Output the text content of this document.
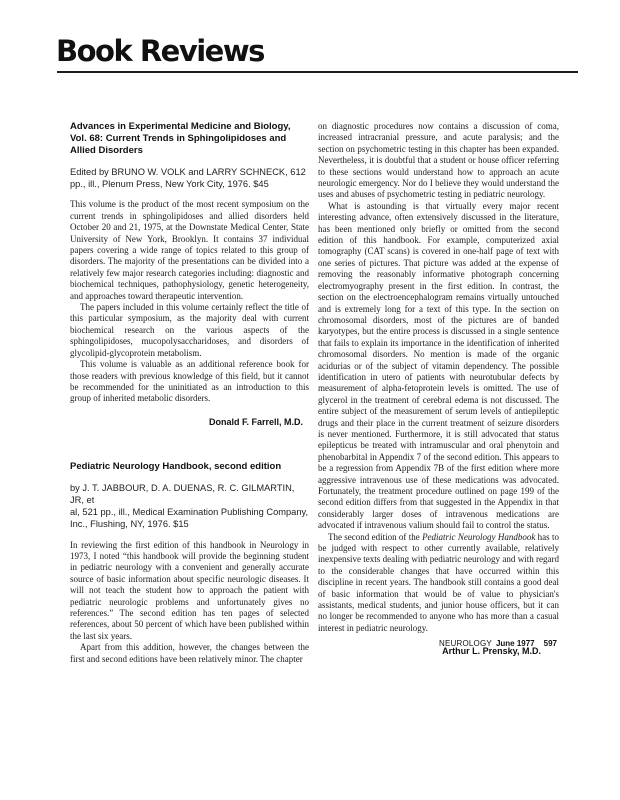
Book Reviews
Advances in Experimental Medicine and Biology,
Vol. 68: Current Trends in Sphingolipidoses and
Allied Disorders
Edited by BRUNO W. VOLK and LARRY SCHNECK, 612
pp., ill., Plenum Press, New York City, 1976. $45

This volume is the product of the most recent symposium on the current trends in sphingolipidoses and allied disorders held October 20 and 21, 1975, at the Downstate Medical Center, State University of New York, Brooklyn. It contains 37 individual papers covering a wide range of topics related to this group of disorders. The majority of the presentations can be divided into a relatively few major research categories including: diagnostic and biochemical techniques, pathophysiology, genetic heterogeneity, and approaches toward therapeutic intervention.

The papers included in this volume certainly reflect the title of this particular symposium, as the majority deal with current biochemical research on the various aspects of the sphingolipidoses, mucopolysaccharidoses, and disorders of glycolipid-glycoprotein metabolism.

This volume is valuable as an additional reference book for those readers with previous knowledge of this field, but it cannot be recommended for the uninitiated as an introduction to this group of inherited metabolic disorders.

Donald F. Farrell, M.D.
Pediatric Neurology Handbook, second edition
by J. T. JABBOUR, D. A. DUENAS, R. C. GILMARTIN, JR, et
al, 521 pp., ill., Medical Examination Publishing Company,
Inc., Flushing, NY, 1976. $15

In reviewing the first edition of this handbook in Neurology in 1973, I noted “this handbook will provide the beginning student in pediatric neurology with a convenient and generally accurate source of basic information about specific neurologic diseases. It will not teach the student how to approach the patient with pediatric neurologic problems and unfortunately gives no references.” The second edition has ten pages of selected references, about 50 percent of which have been published within the last six years.

Apart from this addition, however, the changes between the first and second editions have been relatively minor. The chapter

on diagnostic procedures now contains a discussion of coma, increased intracranial pressure, and acute paralysis; and the section on psychometric testing in this chapter has been expanded. Nevertheless, it is doubtful that a student or house officer referring to these sections would understand how to approach an acute neurologic emergency. Nor do I believe they would understand the uses and abuses of psychometric testing in pediatric neurology.

What is astounding is that virtually every major recent interesting advance, often extensively discussed in the literature, has been mentioned only briefly or omitted from the second edition of this handbook. For example, computerized axial tomography (CAT scans) is covered in one-half page of text with one series of pictures. That picture was added at the expense of removing the reasonably informative photograph concerning electromyography present in the first edition. In contrast, the section on the electroencephalogram remains virtually untouched and is extremely long for a text of this type. In the section on chromosomal disorders, most of the pictures are of banded karyotypes, but the entire process is discussed in a single sentence that fails to explain its importance in the identification of inherited chromosomal disorders. No mention is made of the organic acidurias or of the subject of vitamin dependency. The possible identification in utero of patients with neurotubular defects by measurement of alpha-fetoprotein levels is omitted. The use of glycerol in the treatment of cerebral edema is not discussed. The entire subject of the measurement of serum levels of antiepileptic drugs and their place in the current treatment of seizure disorders is never mentioned. Furthermore, it is still advocated that status epilepticus be treated with intramuscular and oral phenytoin and phenobarbital in Appendix 7 of the second edition. This appears to be a regression from Appendix 7B of the first edition where more aggressive intravenous use of these medications was advocated. Fortunately, the treatment procedure outlined on page 199 of the second edition differs from that suggested in the Appendix in that considerably larger doses of intravenous medications are advocated if intravenous valium should fail to control the status.

The second edition of the Pediatric Neurology Handbook has to be judged with respect to other currently available, relatively inexpensive texts dealing with pediatric neurology and with regard to the considerable changes that have occurred within this discipline in recent years. The handbook still contains a good deal of basic information that would be of value to physician's assistants, medical students, and junior house officers, but it can no longer be recommended to anyone who has more than a casual interest in pediatric neurology.

Arthur L. Prensky, M.D.
NEUROLOGY June 1977 597
